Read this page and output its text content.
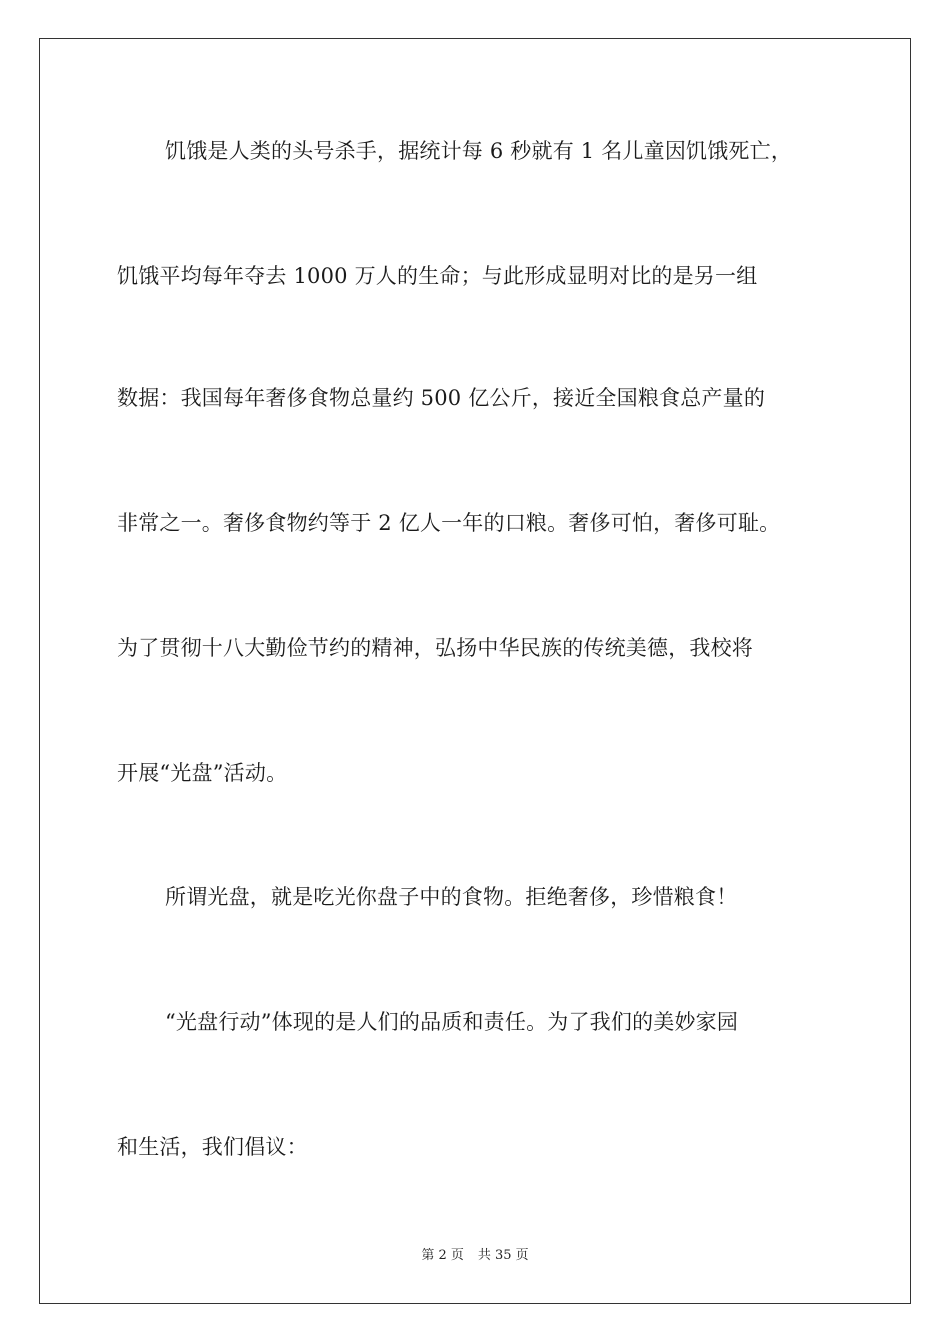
饥饿是人类的头号杀手，据统计每 6 秒就有 1 名儿童因饥饿死亡，
饥饿平均每年夺去 1000 万人的生命；与此形成显明对比的是另一组
数据：我国每年奢侈食物总量约 500 亿公斤，接近全国粮食总产量的
非常之一。奢侈食物约等于 2 亿人一年的口粮。奢侈可怕，奢侈可耻。
为了贯彻十八大勤俭节约的精神，弘扬中华民族的传统美德，我校将
开展“光盘”活动。
所谓光盘，就是吃光你盘子中的食物。拒绝奢侈，珍惜粮食！
“光盘行动”体现的是人们的品质和责任。为了我们的美妙家园
和生活，我们倡议：
第 2 页 共 35 页
